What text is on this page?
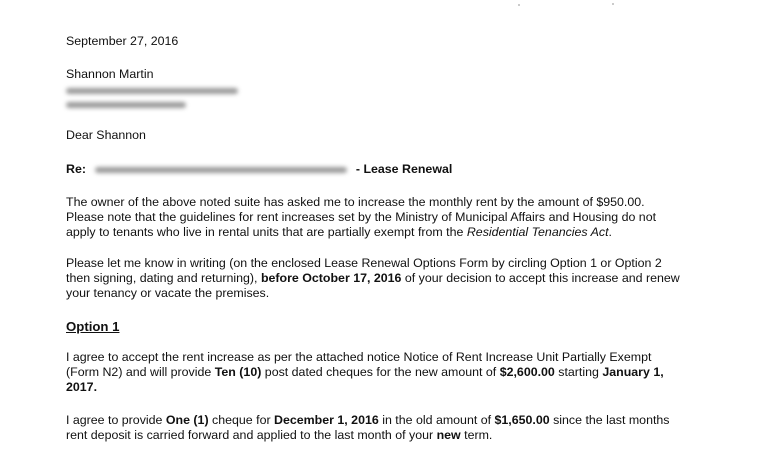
September 27, 2016
Shannon Martin
Dear Shannon
Re:	- Lease Renewal
The owner of the above noted suite has asked me to increase the monthly rent by the amount of $950.00.
Please note that the guidelines for rent increases set by the Ministry of Municipal Affairs and Housing do not
apply to tenants who live in rental units that are partially exempt from the Residential Tenancies Act.
Please let me know in writing (on the enclosed Lease Renewal Options Form by circling Option 1 or Option 2
then signing, dating and returning), before October 17, 2016 of your decision to accept this increase and renew
your tenancy or vacate the premises.
Option 1
I agree to accept the rent increase as per the attached notice Notice of Rent Increase Unit Partially Exempt
(Form N2) and will provide Ten (10) post dated cheques for the new amount of $2,600.00 starting January 1,
2017.
I agree to provide One (1) cheque for December 1, 2016 in the old amount of $1,650.00 since the last months
rent deposit is carried forward and applied to the last month of your new term.
